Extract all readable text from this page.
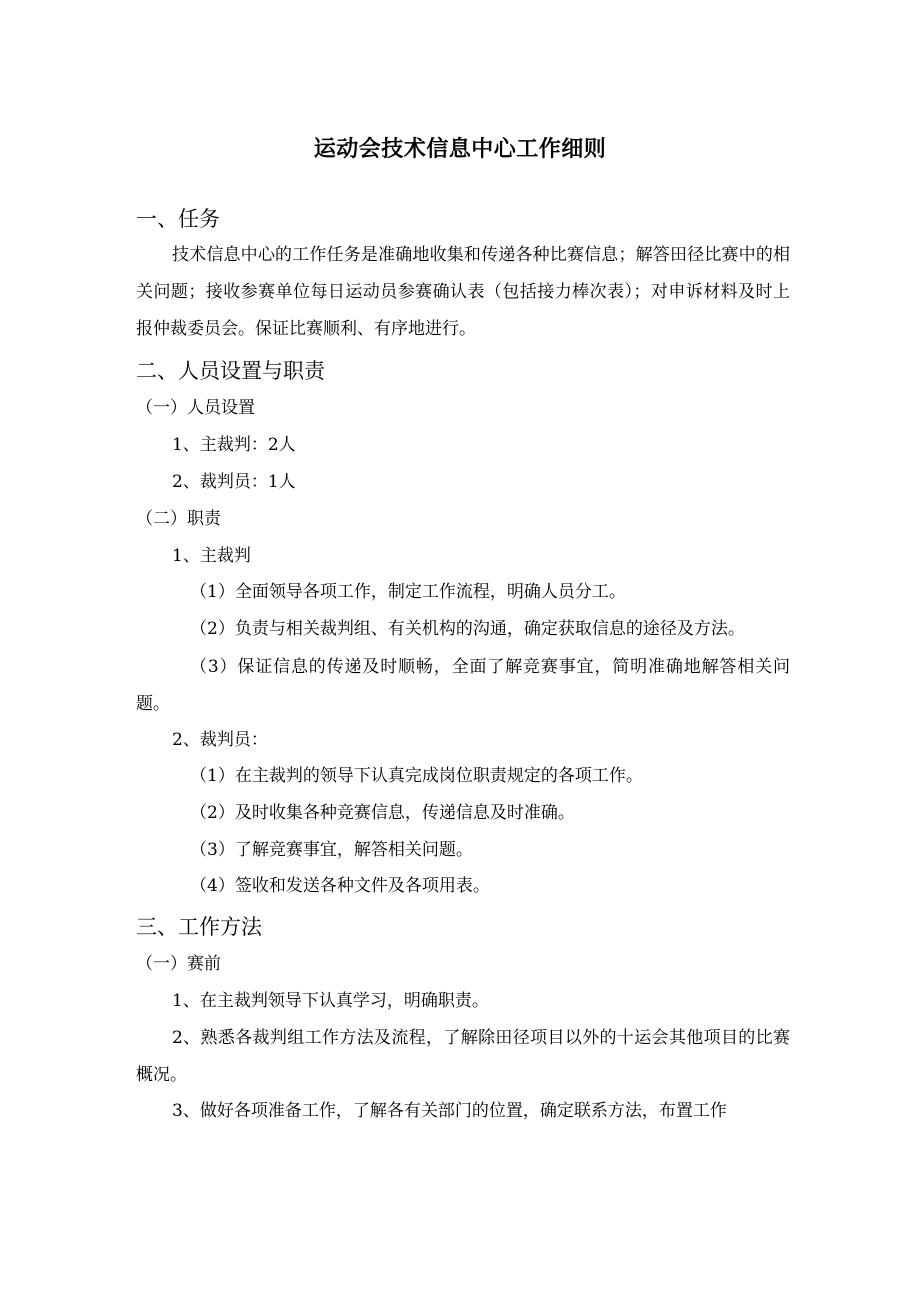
运动会技术信息中心工作细则
一、任务
技术信息中心的工作任务是准确地收集和传递各种比赛信息；解答田径比赛中的相关问题；接收参赛单位每日运动员参赛确认表（包括接力棒次表）；对申诉材料及时上报仲裁委员会。保证比赛顺利、有序地进行。
二、人员设置与职责
（一）人员设置
1、主裁判：2人
2、裁判员：1人
（二）职责
1、主裁判
（1）全面领导各项工作，制定工作流程，明确人员分工。
（2）负责与相关裁判组、有关机构的沟通，确定获取信息的途径及方法。
（3）保证信息的传递及时顺畅，全面了解竞赛事宜，简明准确地解答相关问题。
2、裁判员：
（1）在主裁判的领导下认真完成岗位职责规定的各项工作。
（2）及时收集各种竞赛信息，传递信息及时准确。
（3）了解竞赛事宜，解答相关问题。
（4）签收和发送各种文件及各项用表。
三、工作方法
（一）赛前
1、在主裁判领导下认真学习，明确职责。
2、熟悉各裁判组工作方法及流程，了解除田径项目以外的十运会其他项目的比赛概况。
3、做好各项准备工作，了解各有关部门的位置，确定联系方法，布置工作
